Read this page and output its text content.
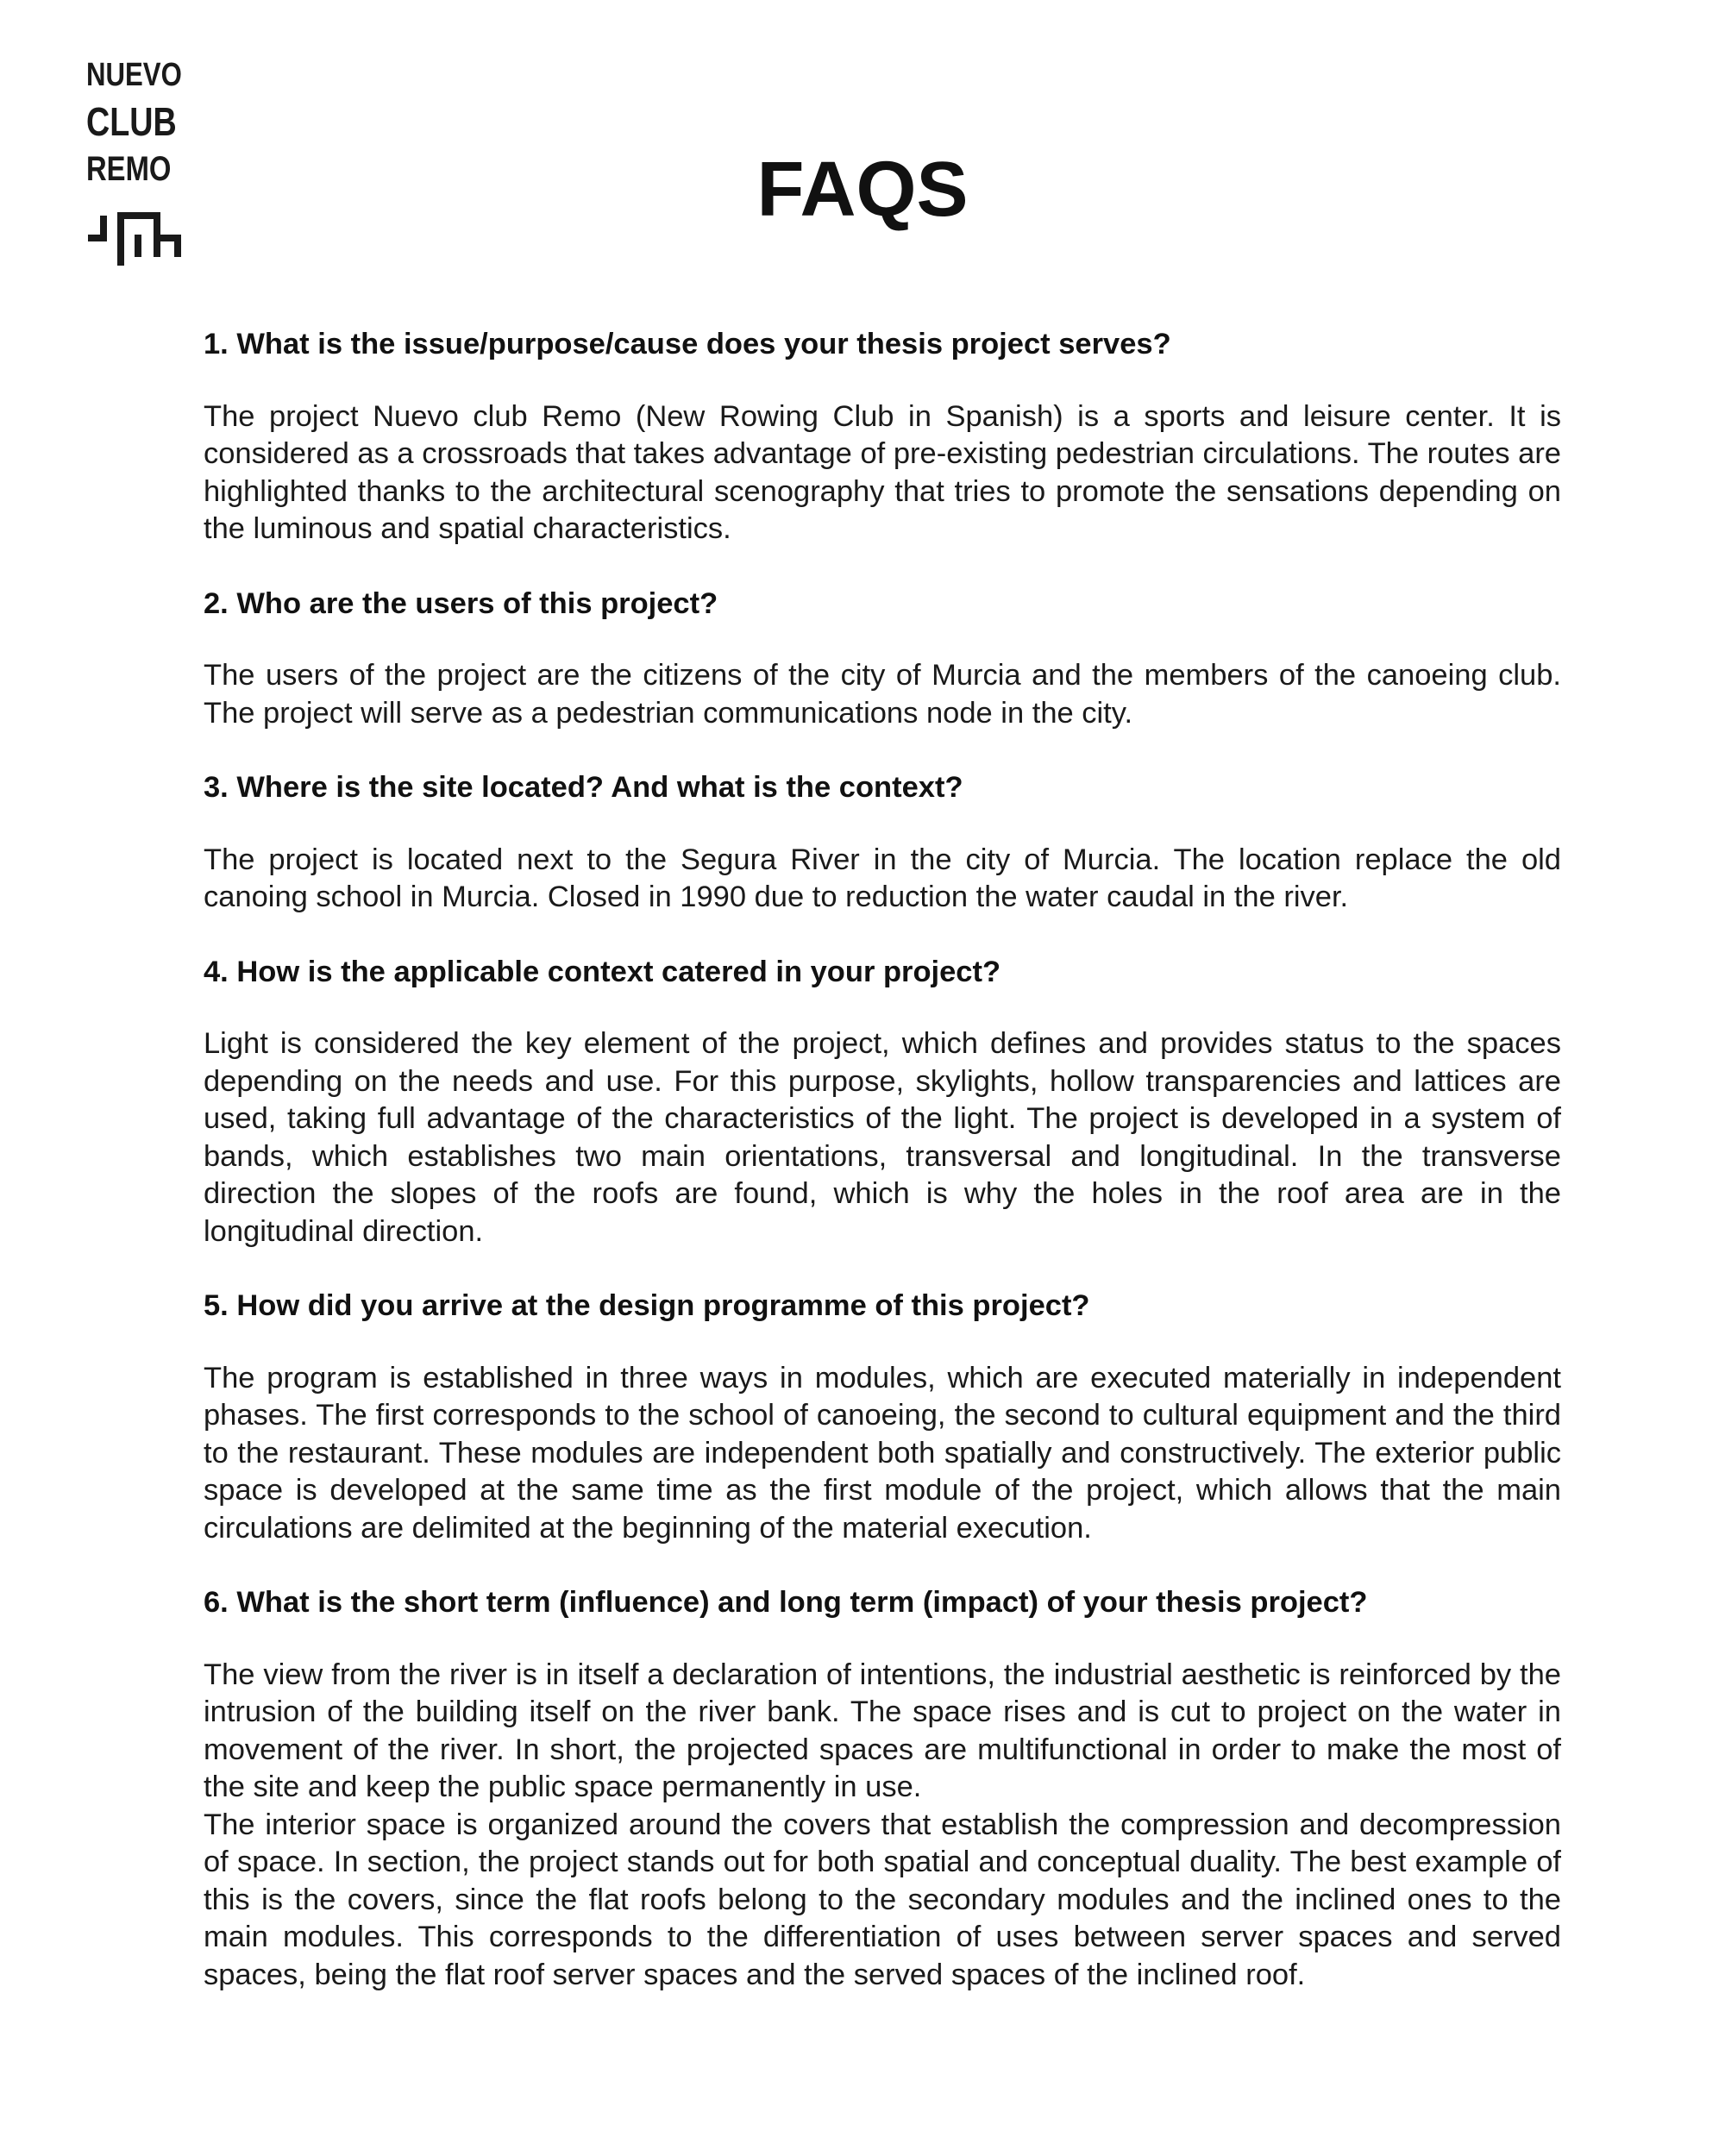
NUEVO
CLUB
REMO	FAQS

1. What is the issue/purpose/cause does your thesis project serves?

The project Nuevo club Remo (New Rowing Club in Spanish) is a sports and leisure center. It is considered as a crossroads that takes advantage of pre-existing pedestrian circulations. The routes are highlighted thanks to the architectural scenography that tries to promote the sensations depending on the luminous and spatial characteristics.

2. Who are the users of this project?

The users of the project are the citizens of the city of Murcia and the members of the canoeing club. The project will serve as a pedestrian communications node in the city.

3. Where is the site located? And what is the context?

The project is located next to the Segura River in the city of Murcia. The location replace the old canoing school in Murcia. Closed in 1990 due to reduction the water caudal in the river.

4. How is the applicable context catered in your project?

Light is considered the key element of the project, which defines and provides status to the spaces depending on the needs and use. For this purpose, skylights, hollow transparencies and lattices are used, taking full advantage of the characteristics of the light. The project is developed in a system of bands, which establishes two main orientations, transversal and longitudinal. In the transverse direction the slopes of the roofs are found, which is why the holes in the roof area are in the longitudinal direction.

5. How did you arrive at the design programme of this project?

The program is established in three ways in modules, which are executed materially in independent phases. The first corresponds to the school of canoeing, the second to cultural equipment and the third to the restaurant. These modules are independent both spatially and constructively. The exterior public space is developed at the same time as the first module of the project, which allows that the main circulations are delimited at the beginning of the material execution.

6. What is the short term (influence) and long term (impact) of your thesis project?

The view from the river is in itself a declaration of intentions, the industrial aesthetic is reinforced by the intrusion of the building itself on the river bank. The space rises and is cut to project on the water in movement of the river. In short, the projected spaces are multifunctional in order to make the most of the site and keep the public space permanently in use.

The interior space is organized around the covers that establish the compression and decompression of space. In section, the project stands out for both spatial and conceptual duality. The best example of this is the covers, since the flat roofs belong to the secondary modules and the inclined ones to the main modules. This corresponds to the differentiation of uses between server spaces and served spaces, being the flat roof server spaces and the served spaces of the inclined roof.
